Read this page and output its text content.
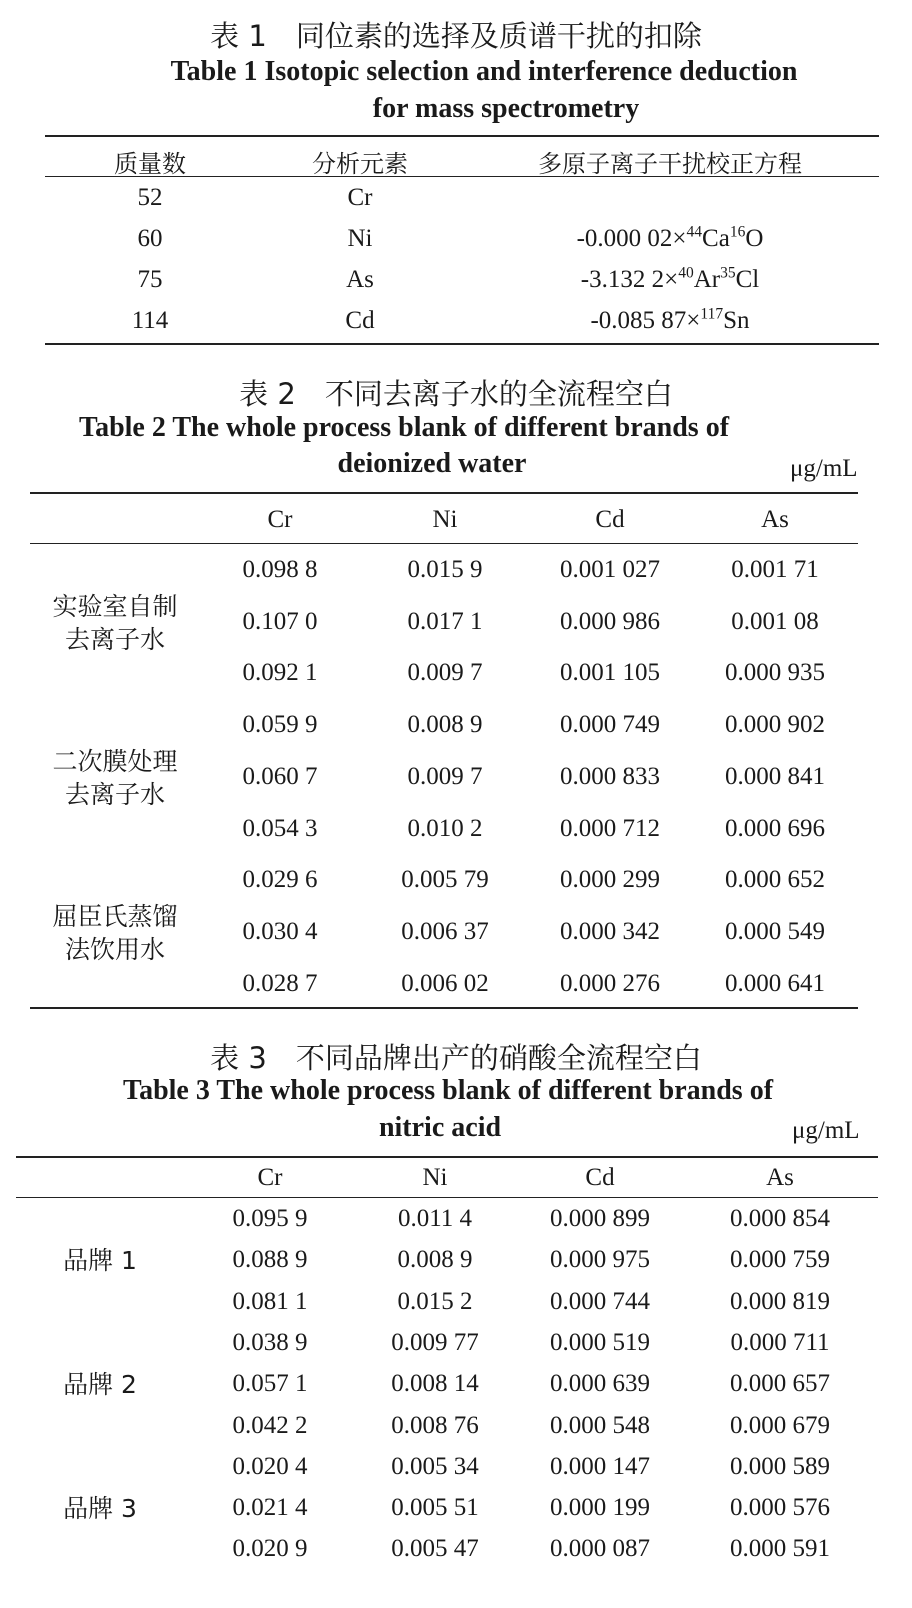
表 1　同位素的选择及质谱干扰的扣除
Table 1 Isotopic selection and interference deduction
for mass spectrometry
质量数	分析元素	多原子离子干扰校正方程
52	Cr
60	Ni	-0.000 $02\times^{44}Ca^{16}O$
75	As	-3.132 $2\times^{40}Ar^{35}Cl$
114	Cd	-0.085 87×$^{117}$Sn
表 2　不同去离子水的全流程空白
Table 2 The whole process blank of different brands of
deionized water	μg/mL
Cr	Ni	Cd	As
实验室自制
去离子水
0.098 8	0.015 9	0.001 027	0.001 71
0.107 0	0.017 1	0.000 986	0.001 08
0.092 1	0.009 7	0.001 105	0.000 935
二次膜处理
去离子水
0.059 9	0.008 9	0.000 749	0.000 902
0.060 7	0.009 7	0.000 833	0.000 841
0.054 3	0.010 2	0.000 712	0.000 696
屈臣氏蒸馏
法饮用水
0.029 6	0.005 79	0.000 299	0.000 652
0.030 4	0.006 37	0.000 342	0.000 549
0.028 7	0.006 02	0.000 276	0.000 641
表 3　不同品牌出产的硝酸全流程空白
Table 3 The whole process blank of different brands of
nitric acid	μg/mL
Cr	Ni	Cd	As
品牌 1
0.095 9	0.011 4	0.000 899	0.000 854
0.088 9	0.008 9	0.000 975	0.000 759
0.081 1	0.015 2	0.000 744	0.000 819
品牌 2
0.038 9	0.009 77	0.000 519	0.000 711
0.057 1	0.008 14	0.000 639	0.000 657
0.042 2	0.008 76	0.000 548	0.000 679
品牌 3
0.020 4	0.005 34	0.000 147	0.000 589
0.021 4	0.005 51	0.000 199	0.000 576
0.020 9	0.005 47	0.000 087	0.000 591
